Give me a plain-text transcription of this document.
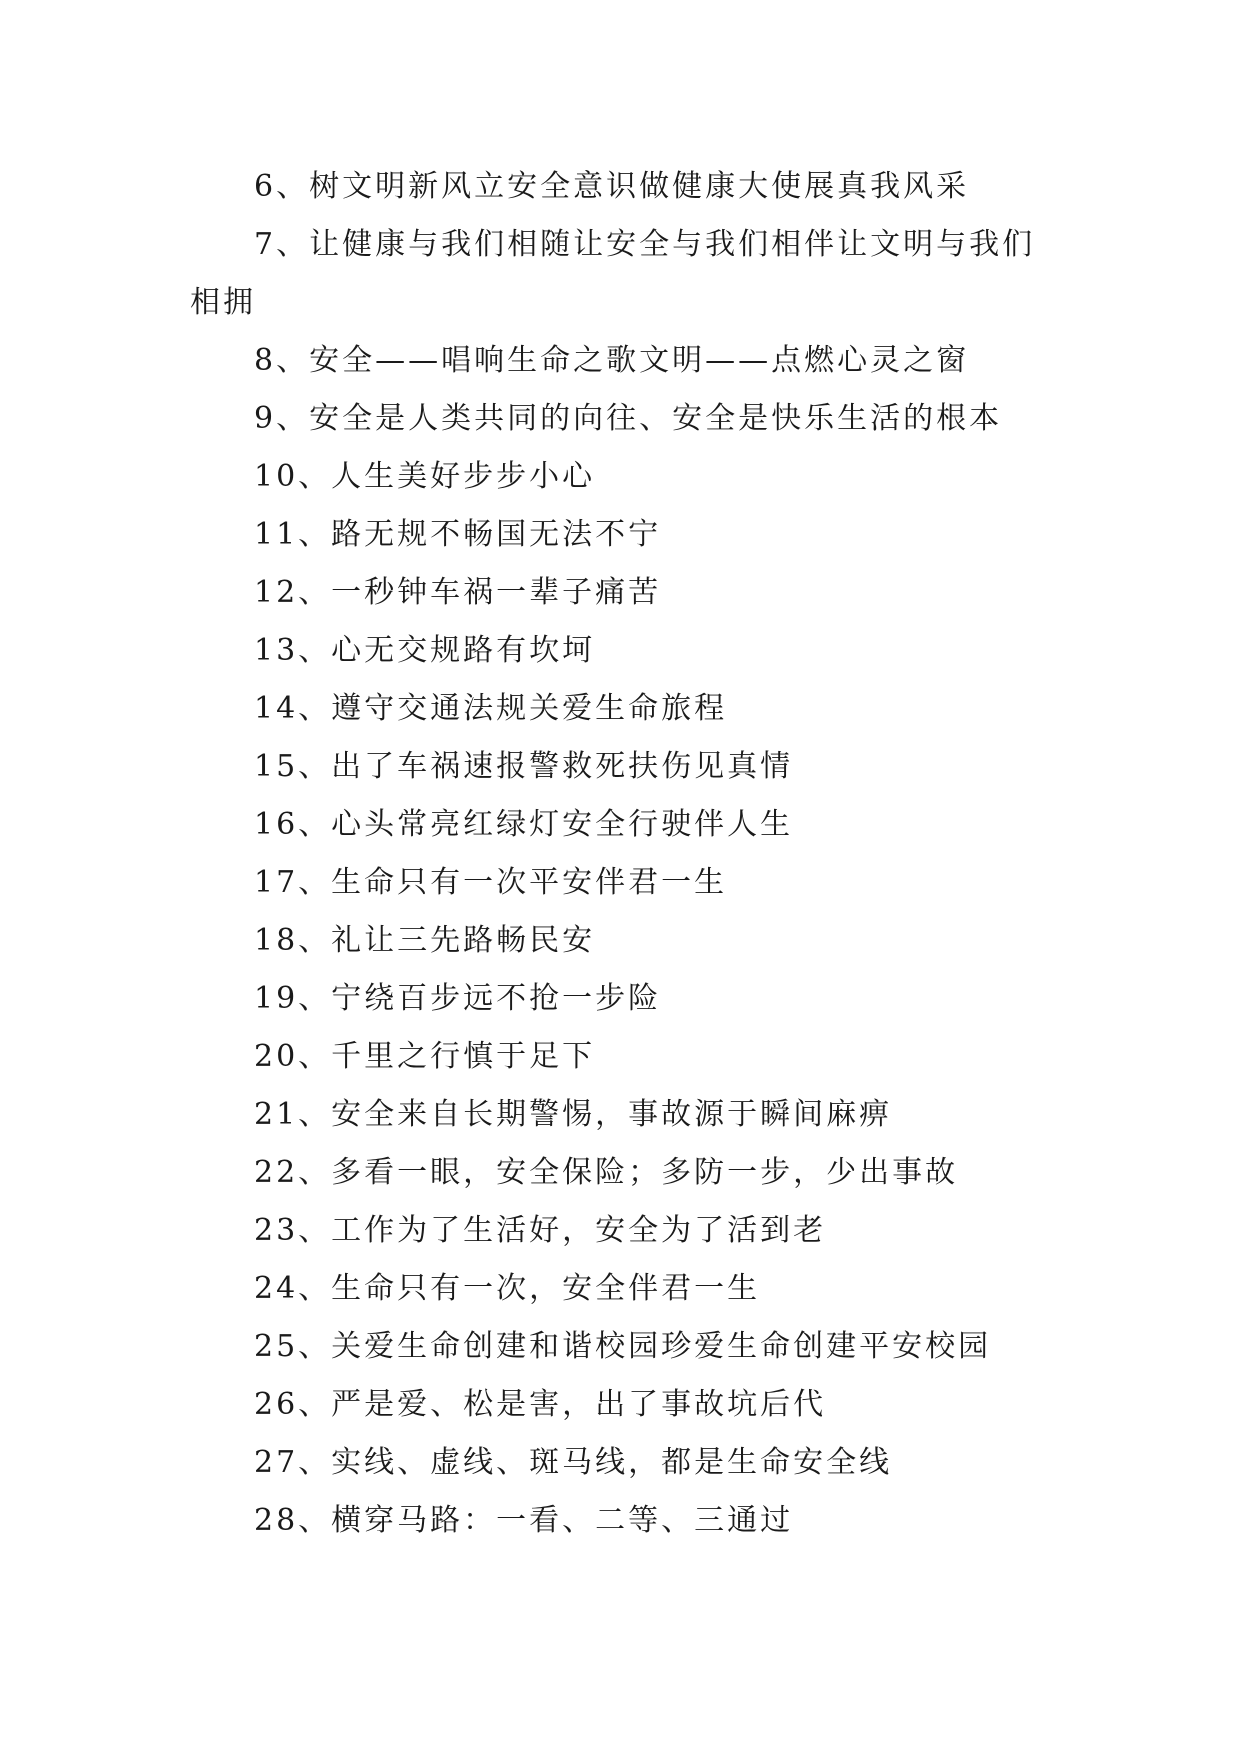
6、树文明新风立安全意识做健康大使展真我风采

7、让健康与我们相随让安全与我们相伴让文明与我们相拥

8、安全——唱响生命之歌文明——点燃心灵之窗

9、安全是人类共同的向往、安全是快乐生活的根本

10、人生美好步步小心

11、路无规不畅国无法不宁

12、一秒钟车祸一辈子痛苦

13、心无交规路有坎坷

14、遵守交通法规关爱生命旅程

15、出了车祸速报警救死扶伤见真情

16、心头常亮红绿灯安全行驶伴人生

17、生命只有一次平安伴君一生

18、礼让三先路畅民安

19、宁绕百步远不抢一步险

20、千里之行慎于足下

21、安全来自长期警惕，事故源于瞬间麻痹

22、多看一眼，安全保险；多防一步，少出事故

23、工作为了生活好，安全为了活到老

24、生命只有一次，安全伴君一生

25、关爱生命创建和谐校园珍爱生命创建平安校园

26、严是爱、松是害，出了事故坑后代

27、实线、虚线、斑马线，都是生命安全线

28、横穿马路：一看、二等、三通过
